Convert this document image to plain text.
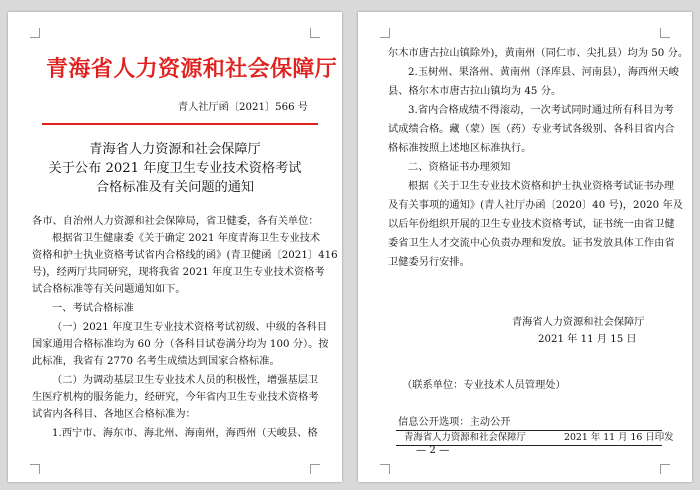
青海省人力资源和社会保障厅
青人社厅函〔2021〕566 号
青海省人力资源和社会保障厅
关于公布 2021 年度卫生专业技术资格考试
合格标准及有关问题的通知
各市、自治州人力资源和社会保障局，省卫健委，各有关单位：
根据省卫生健康委《关于确定 2021 年度青海卫生专业技术
资格和护士执业资格考试省内合格线的函》(青卫健函〔2021〕416
号)，经两厅共同研究，现将我省 2021 年度卫生专业技术资格考
试合格标准等有关问题通知如下。
一、考试合格标准
（一）2021 年度卫生专业技术资格考试初级、中级的各科目
国家通用合格标准均为 60 分（各科目试卷满分均为 100 分）。按
此标准，我省有 2770 名考生成绩达到国家合格标准。
（二）为调动基层卫生专业技术人员的积极性，增强基层卫
生医疗机构的服务能力，经研究，今年省内卫生专业技术资格考
试省内各科目、各地区合格标准为：
1.西宁市、海东市、海北州、海南州，海西州（天峻县、格
尔木市唐古拉山镇除外)，黄南州（同仁市、尖扎县）均为 50 分。
2.玉树州、果洛州、黄南州（泽库县、河南县），海西州天峻
县、格尔木市唐古拉山镇均为 45 分。
3.省内合格成绩不得滚动，一次考试同时通过所有科目为考
试成绩合格。藏（蒙）医（药）专业考试各级别、各科目省内合
格标准按照上述地区标准执行。
二、资格证书办理须知
根据《关于卫生专业技术资格和护士执业资格考试证书办理
及有关事项的通知》(青人社厅办函〔2020〕40 号)，2020 年及
以后年份组织开展的卫生专业技术资格考试，证书统一由省卫健
委省卫生人才交流中心负责办理和发放。证书发放具体工作由省
卫健委另行安排。
青海省人力资源和社会保障厅
2021 年 11 月 15 日
（联系单位：专业技术人员管理处）
信息公开选项：主动公开
青海省人力资源和社会保障厅	2021 年 11 月 16 日印发
— 2 —
